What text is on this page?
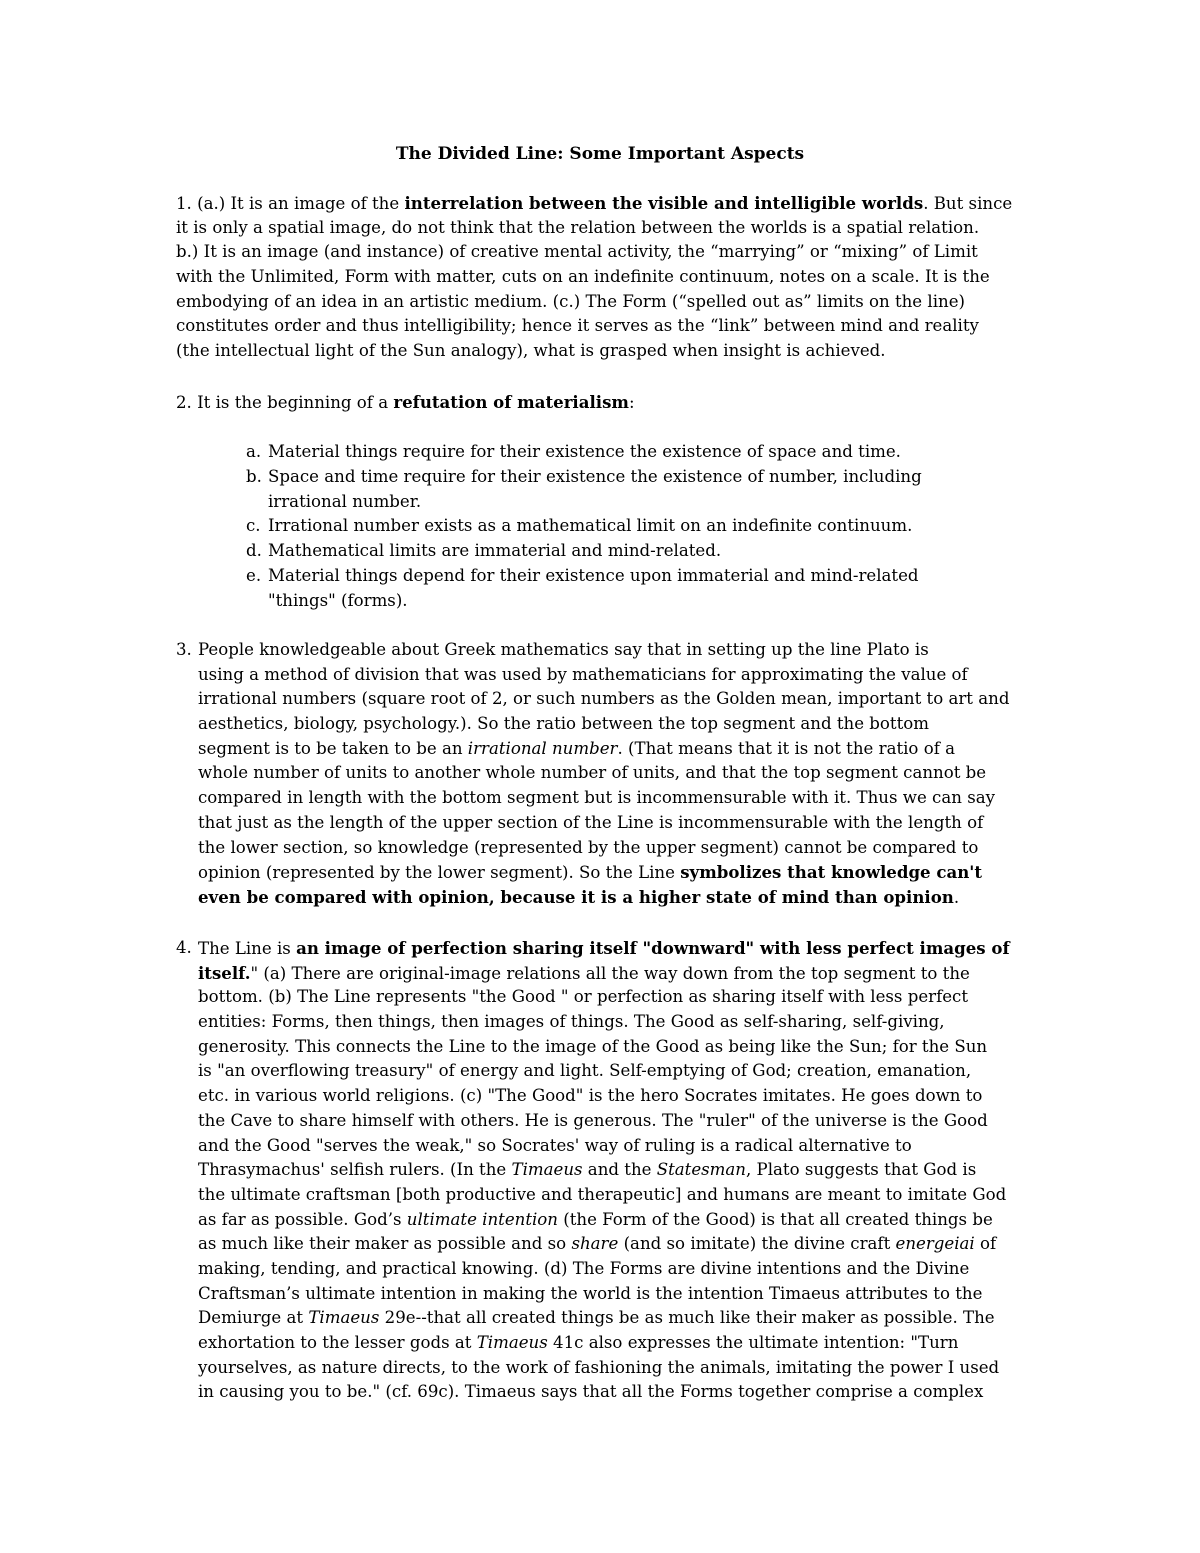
The Divided Line: Some Important Aspects
1. (a.) It is an image of the interrelation between the visible and intelligible worlds. But since
it is only a spatial image, do not think that the relation between the worlds is a spatial relation.
b.) It is an image (and instance) of creative mental activity, the “marrying” or “mixing” of Limit
with the Unlimited, Form with matter, cuts on an indefinite continuum, notes on a scale. It is the
embodying of an idea in an artistic medium. (c.) The Form (“spelled out as” limits on the line)
constitutes order and thus intelligibility; hence it serves as the “link” between mind and reality
(the intellectual light of the Sun analogy), what is grasped when insight is achieved.
2. It is the beginning of a refutation of materialism:
a. Material things require for their existence the existence of space and time.
b. Space and time require for their existence the existence of number, including
irrational number.
c. Irrational number exists as a mathematical limit on an indefinite continuum.
d. Mathematical limits are immaterial and mind-related.
e. Material things depend for their existence upon immaterial and mind-related
"things" (forms).
3. People knowledgeable about Greek mathematics say that in setting up the line Plato is
using a method of division that was used by mathematicians for approximating the value of
irrational numbers (square root of 2, or such numbers as the Golden mean, important to art and
aesthetics, biology, psychology.). So the ratio between the top segment and the bottom
segment is to be taken to be an irrational number. (That means that it is not the ratio of a
whole number of units to another whole number of units, and that the top segment cannot be
compared in length with the bottom segment but is incommensurable with it. Thus we can say
that just as the length of the upper section of the Line is incommensurable with the length of
the lower section, so knowledge (represented by the upper segment) cannot be compared to
opinion (represented by the lower segment). So the Line symbolizes that knowledge can't
even be compared with opinion, because it is a higher state of mind than opinion.
4. The Line is an image of perfection sharing itself "downward" with less perfect images of
itself." (a) There are original-image relations all the way down from the top segment to the
bottom. (b) The Line represents "the Good " or perfection as sharing itself with less perfect
entities: Forms, then things, then images of things. The Good as self-sharing, self-giving,
generosity. This connects the Line to the image of the Good as being like the Sun; for the Sun
is "an overflowing treasury" of energy and light. Self-emptying of God; creation, emanation,
etc. in various world religions. (c) "The Good" is the hero Socrates imitates. He goes down to
the Cave to share himself with others. He is generous. The "ruler" of the universe is the Good
and the Good "serves the weak," so Socrates' way of ruling is a radical alternative to
Thrasymachus' selfish rulers. (In the Timaeus and the Statesman, Plato suggests that God is
the ultimate craftsman [both productive and therapeutic] and humans are meant to imitate God
as far as possible. God’s ultimate intention (the Form of the Good) is that all created things be
as much like their maker as possible and so share (and so imitate) the divine craft energeiai of
making, tending, and practical knowing. (d) The Forms are divine intentions and the Divine
Craftsman’s ultimate intention in making the world is the intention Timaeus attributes to the
Demiurge at Timaeus 29e--that all created things be as much like their maker as possible. The
exhortation to the lesser gods at Timaeus 41c also expresses the ultimate intention: "Turn
yourselves, as nature directs, to the work of fashioning the animals, imitating the power I used
in causing you to be." (cf. 69c). Timaeus says that all the Forms together comprise a complex
